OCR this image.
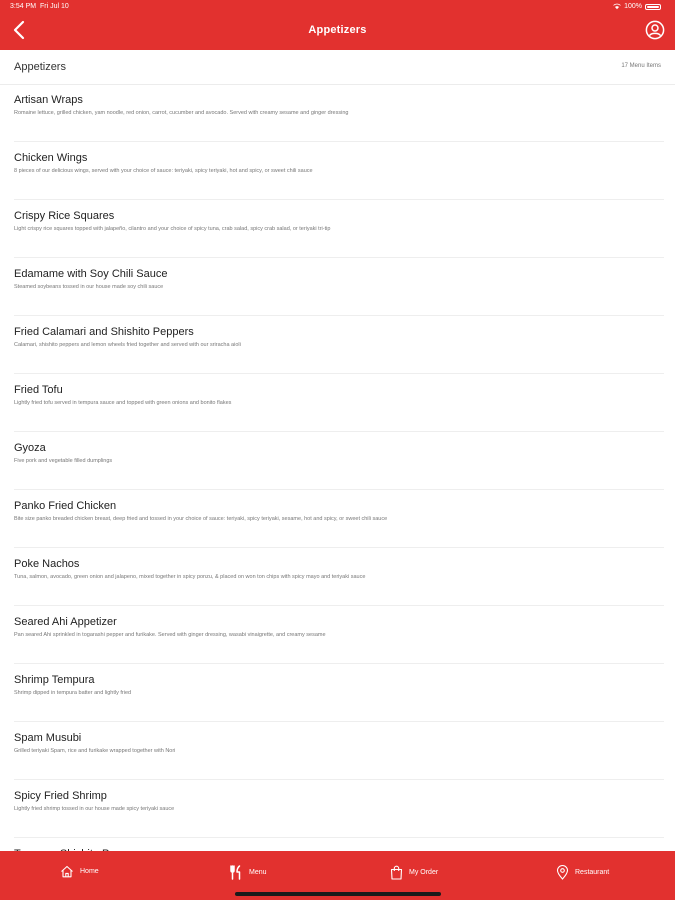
3:54 PM Fri Jul 10	100%
Appetizers
Appetizers	17 Menu Items
Artisan Wraps
Romaine lettuce, grilled chicken, yam noodle, red onion, carrot, cucumber and avocado. Served with creamy sesame and ginger dressing
Chicken Wings
8 pieces of our delicious wings, served with your choice of sauce: teriyaki, spicy teriyaki, hot and spicy, or sweet chili sauce
Crispy Rice Squares
Light crispy rice squares topped with jalapeño, cilantro and your choice of spicy tuna, crab salad, spicy crab salad, or teriyaki tri-tip
Edamame with Soy Chili Sauce
Steamed soybeans tossed in our house made soy chili sauce
Fried Calamari and Shishito Peppers
Calamari, shishito peppers and lemon wheels fried together and served with our sriracha aioli
Fried Tofu
Lightly fried tofu served in tempura sauce and topped with green onions and bonito flakes
Gyoza
Five pork and vegetable filled dumplings
Panko Fried Chicken
Bite size panko breaded chicken breast, deep fried and tossed in your choice of sauce: teriyaki, spicy teriyaki, sesame, hot and spicy, or sweet chili sauce
Poke Nachos
Tuna, salmon, avocado, green onion and jalapeno, mixed together in spicy ponzu, & placed on won ton chips with spicy mayo and teriyaki sauce
Seared Ahi Appetizer
Pan seared Ahi sprinkled in togarashi pepper and furikake. Served with ginger dressing, wasabi vinaigrette, and creamy sesame
Shrimp Tempura
Shrimp dipped in tempura batter and lightly fried
Spam Musubi
Grilled teriyaki Spam, rice and furikake wrapped together with Nori
Spicy Fried Shrimp
Lightly fried shrimp tossed in our house made spicy teriyaki sauce
Home	Menu	My Order	Restaurant
